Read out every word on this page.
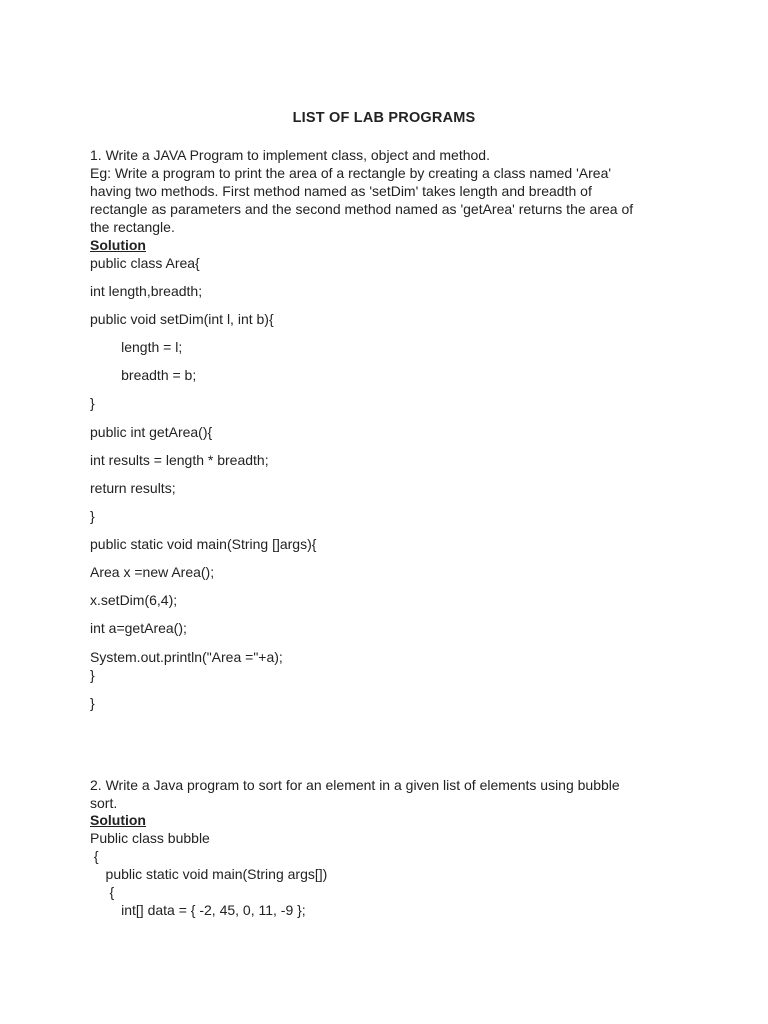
LIST OF LAB PROGRAMS
1. Write a JAVA Program to implement class, object and method.
Eg: Write a program to print the area of a rectangle by creating a class named 'Area'
having two methods. First method named as 'setDim' takes length and breadth of
rectangle as parameters and the second method named as 'getArea' returns the area of
the rectangle.
Solution
public class Area{
int length,breadth;
public void setDim(int l, int b){
length = l;
breadth = b;
}
public int getArea(){
int results = length * breadth;
return results;
}
public static void main(String []args){
Area x =new Area();
x.setDim(6,4);
int a=getArea();
System.out.println("Area ="+a);
}
}
2. Write a Java program to sort for an element in a given list of elements using bubble
sort.
Solution
Public class bubble
{
public static void main(String args[])
{
int[] data = { -2, 45, 0, 11, -9 };
